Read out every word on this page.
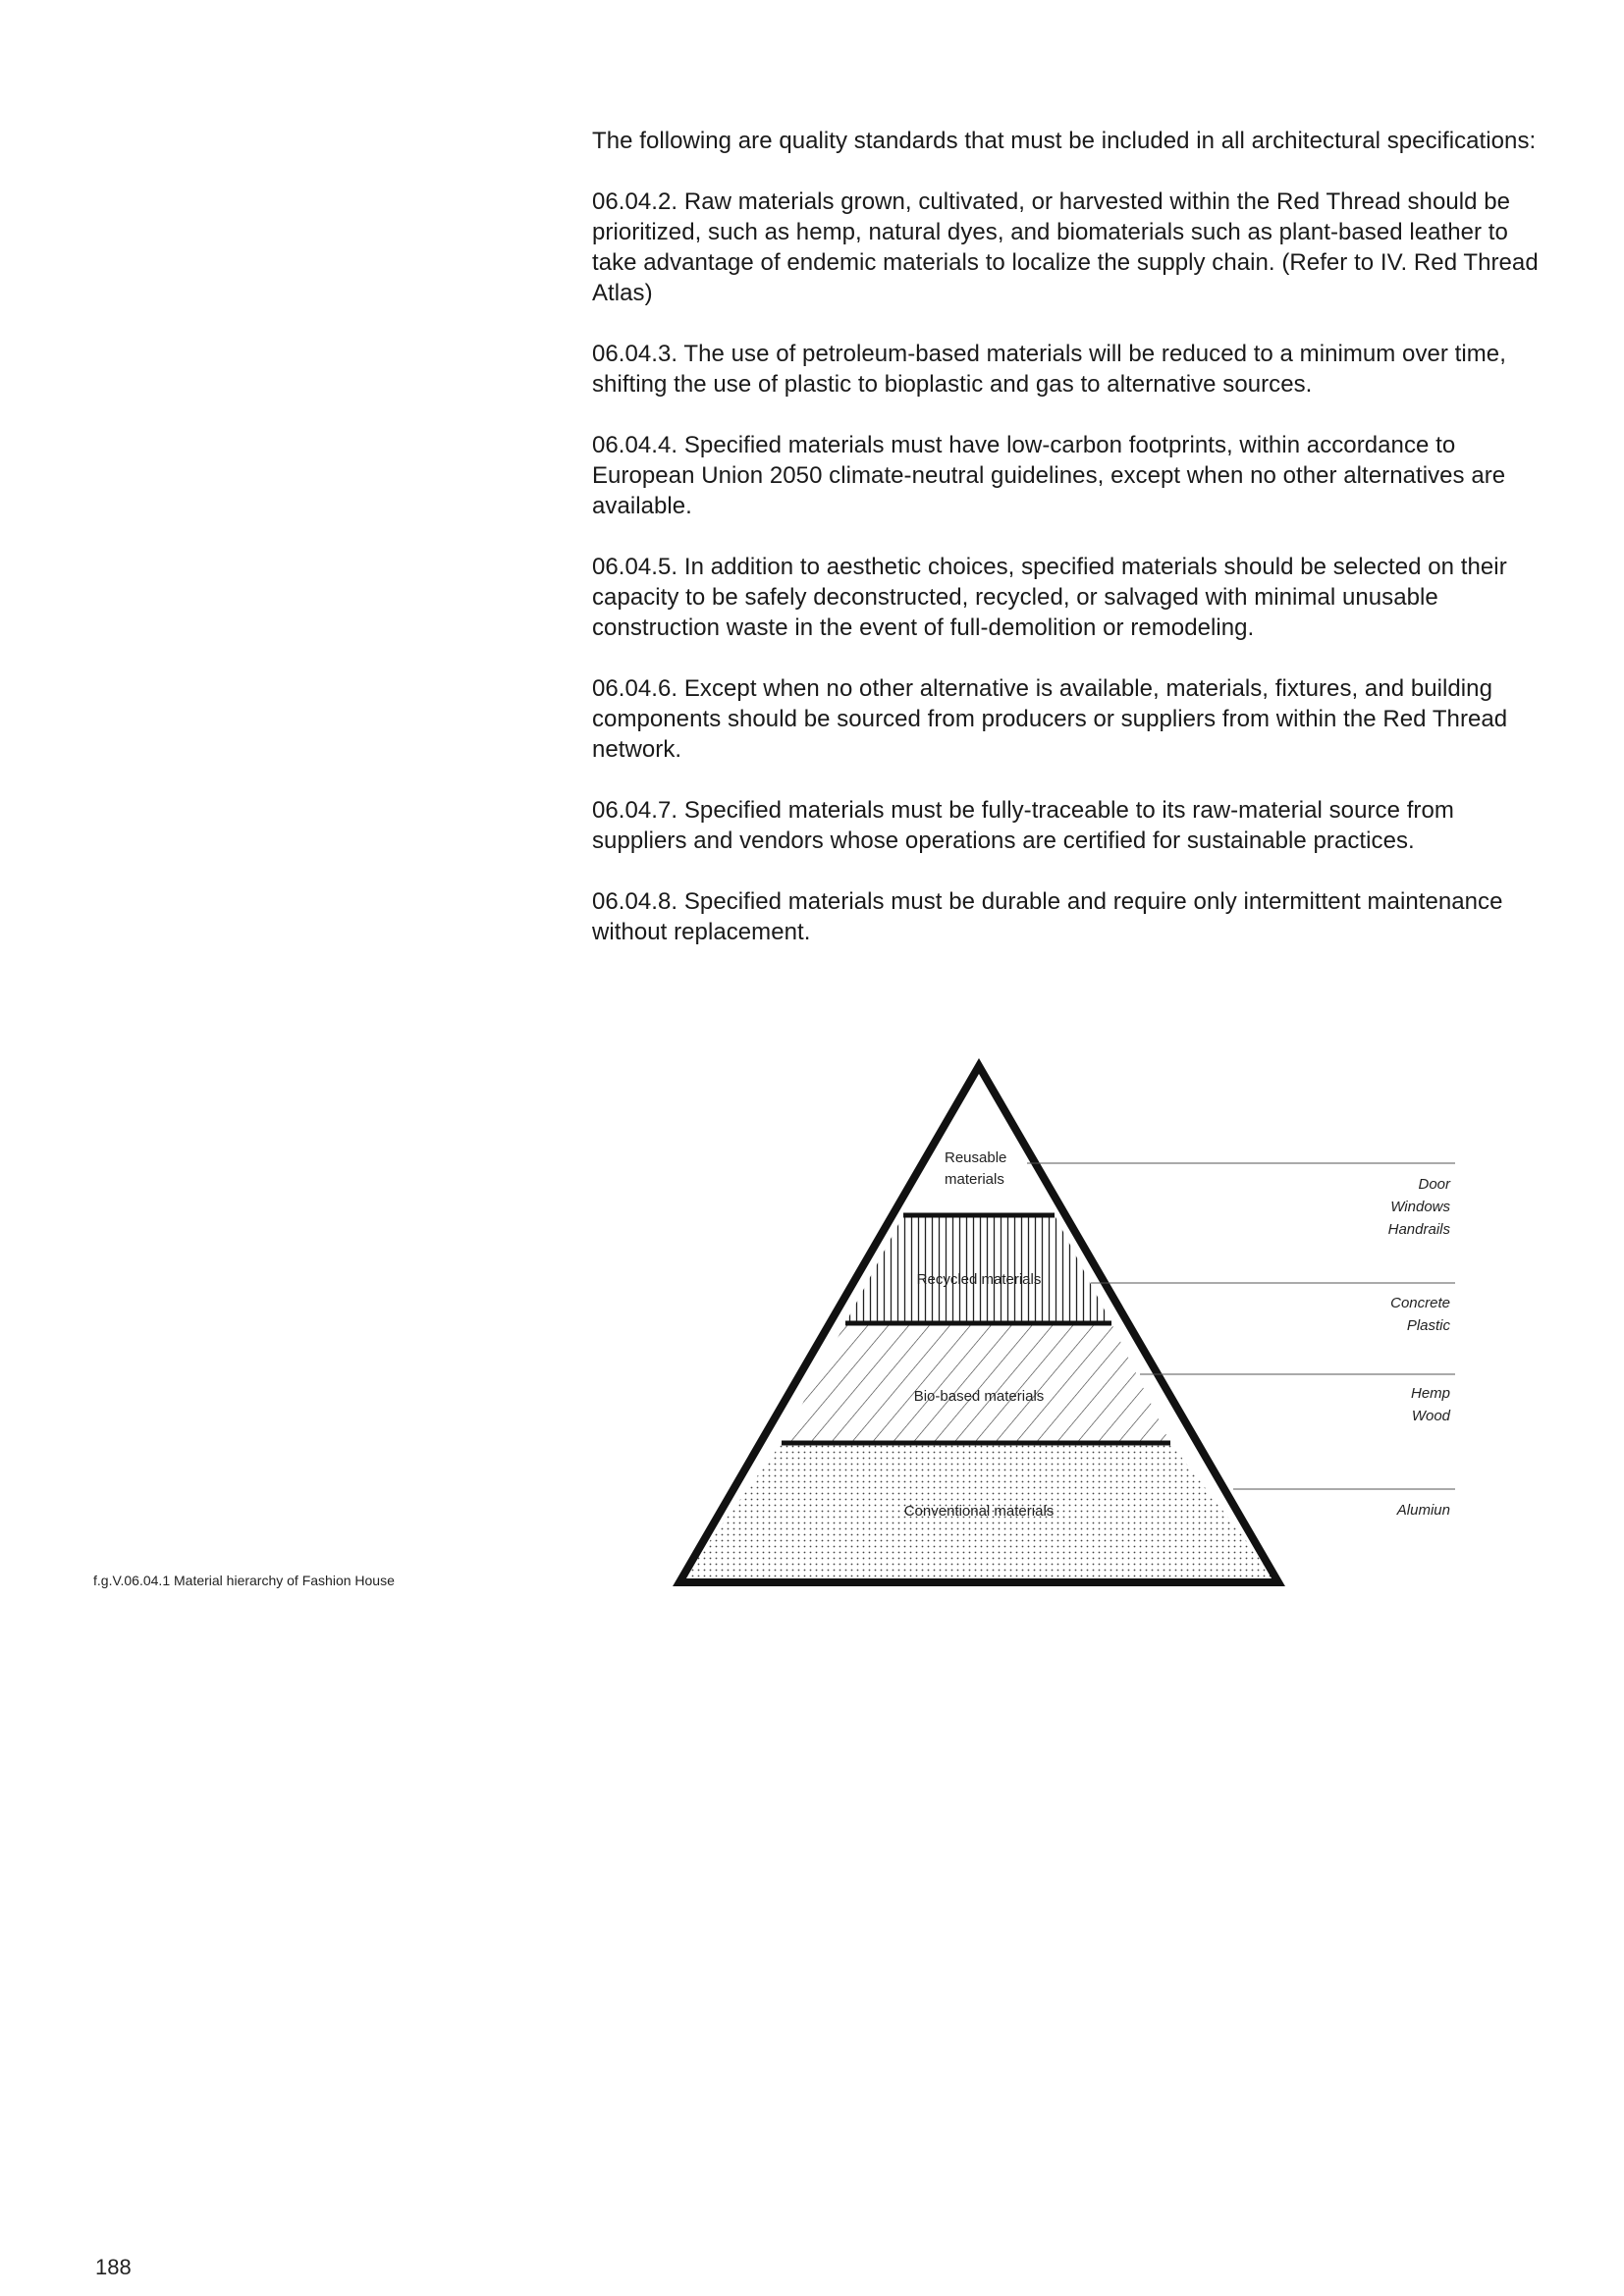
The following are quality standards that must be included in all architectural specifications:

06.04.2. Raw materials grown, cultivated, or harvested within the Red Thread should be prioritized, such as hemp, natural dyes, and biomaterials such as plant-based leather to take advantage of endemic materials to localize the supply chain. (Refer to IV. Red Thread Atlas)

06.04.3. The use of petroleum-based materials will be reduced to a minimum over time, shifting the use of plastic to bioplastic and gas to alternative sources.

06.04.4. Specified materials must have low-carbon footprints, within accordance to European Union 2050 climate-neutral guidelines, except when no other alternatives are available.

06.04.5. In addition to aesthetic choices, specified materials should be selected on their capacity to be safely deconstructed, recycled, or salvaged with minimal unusable construction waste in the event of full-demolition or remodeling.

06.04.6. Except when no other alternative is available, materials, fixtures, and building components should be sourced from producers or suppliers from within the Red Thread network.

06.04.7. Specified materials must be fully-traceable to its raw-material source from suppliers and vendors whose operations are certified for sustainable practices.

06.04.8. Specified materials must be durable and require only intermittent maintenance without replacement.

Reusable
materials
Recycled materials
Bio-based materials
Conventional materials
Door
Windows
Handrails
Concrete
Plastic
Hemp
Wood
Alumiun
f.g.V.06.04.1 Material hierarchy of Fashion House
188
